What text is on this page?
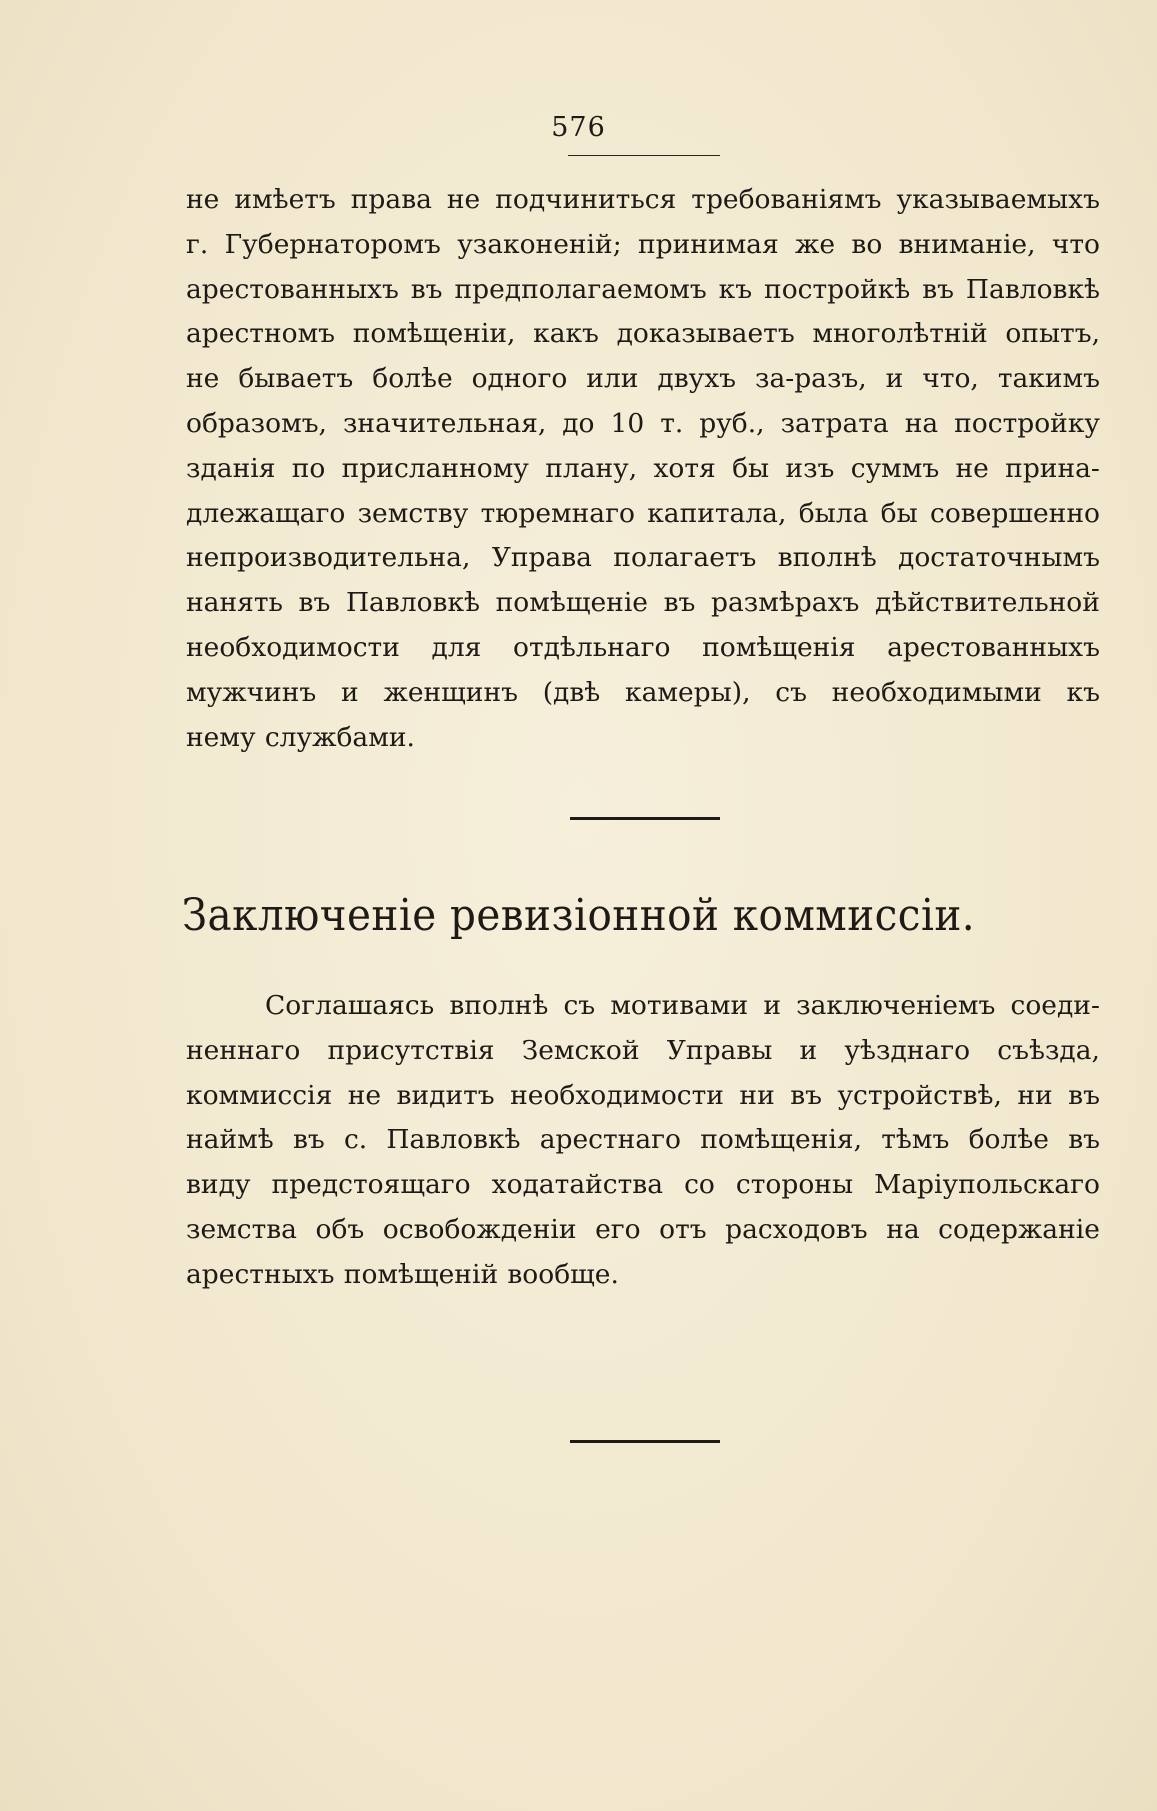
576
не имѣетъ права не подчиниться требованіямъ указываемыхъ
г. Губернаторомъ узаконеній; принимая же во вниманіе, что
арестованныхъ въ предполагаемомъ къ постройкѣ въ Павловкѣ
арестномъ помѣщеніи, какъ доказываетъ многолѣтній опытъ,
не бываетъ болѣе одного или двухъ за-разъ, и что, такимъ
образомъ, значительная, до 10 т. руб., затрата на постройку
зданія по присланному плану, хотя бы изъ суммъ не прина-
длежащаго земству тюремнаго капитала, была бы совершенно
непроизводительна, Управа полагаетъ вполнѣ достаточнымъ
нанять въ Павловкѣ помѣщеніе въ размѣрахъ дѣйствительной
необходимости для отдѣльнаго помѣщенія арестованныхъ
мужчинъ и женщинъ (двѣ камеры), съ необходимыми къ
нему службами.
Заключеніе ревизіонной коммиссіи.
Соглашаясь вполнѣ съ мотивами и заключеніемъ соеди-
неннаго присутствія Земской Управы и уѣзднаго съѣзда,
коммиссія не видитъ необходимости ни въ устройствѣ, ни въ
наймѣ въ с. Павловкѣ арестнаго помѣщенія, тѣмъ болѣе въ
виду предстоящаго ходатайства со стороны Маріупольскаго
земства объ освобожденіи его отъ расходовъ на содержаніе
арестныхъ помѣщеній вообще.
